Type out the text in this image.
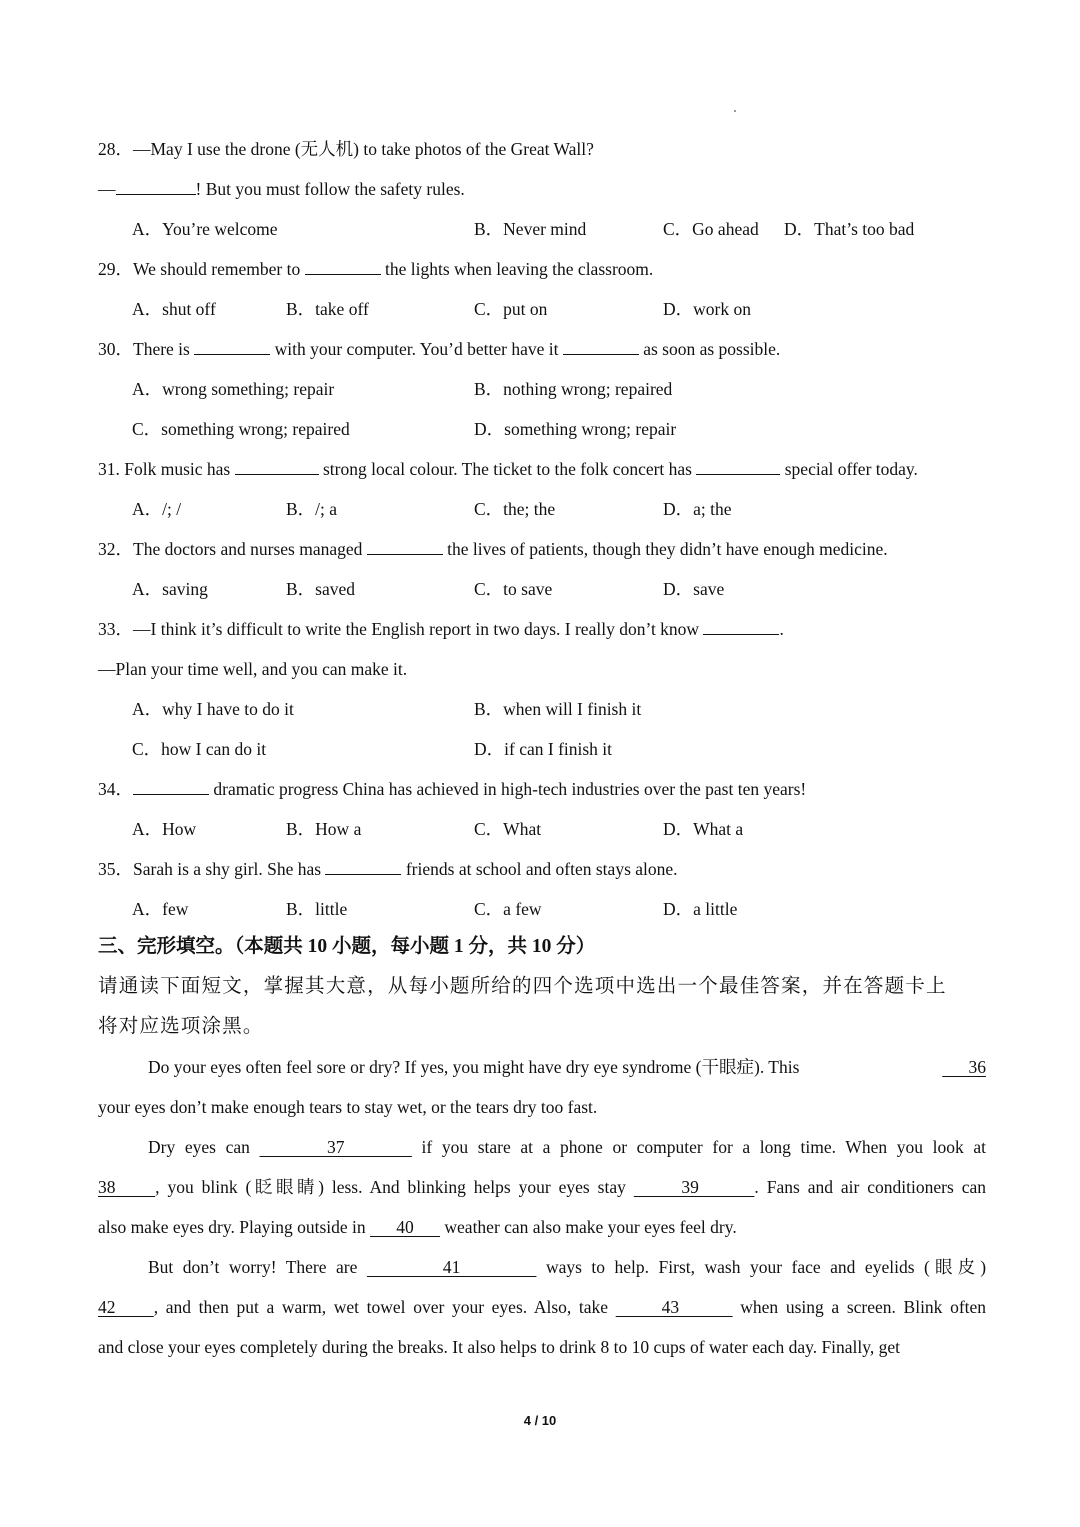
28．—May I use the drone (无人机) to take photos of the Great Wall?
—	! But you must follow the safety rules.
A．You’re welcome	B．Never mind	C．Go ahead D．That’s too bad
29．We should remember to	the lights when leaving the classroom.
A．shut off	B．take off	C．put on	D．work on
30．There is	with your computer. You’d better have it	as soon as possible.
A．wrong something; repair	B．nothing wrong; repaired
C．something wrong; repaired	D．something wrong; repair
31. Folk music has	strong local colour. The ticket to the folk concert has	special offer today.
A．/; /	B．/; a	C．the; the	D．a; the
32．The doctors and nurses managed	the lives of patients, though they didn’t have enough medicine.
A．saving	B．saved	C．to save	D．save
33．—I think it’s difficult to write the English report in two days. I really don’t know	.
—Plan your time well, and you can make it.
A．why I have to do it	B．when will I finish it
C．how I can do it	D．if can I finish it
34．	dramatic progress China has achieved in high-tech industries over the past ten years!
A．How	B．How a	C．What	D．What a
35．Sarah is a shy girl. She has	friends at school and often stays alone.
A．few	B．little	C．a few	D．a little
三、完形填空。（本题共 10 小题，每小题 1 分，共 10 分）
请通读下面短文，掌握其大意，从每小题所给的四个选项中选出一个最佳答案，并在答题卡上
将对应选项涂黑。
Do your eyes often feel sore or dry? If yes, you might have dry eye syndrome (干眼症). This	36
your eyes don’t make enough tears to stay wet, or the tears dry too fast.
Dry eyes can        37        if you stare at a phone or computer for a long time. When you look at
38     , you blink (眨眼睛) less. And blinking helps your eyes stay       39       . Fans and air conditioners can
also make eyes dry. Playing outside in       40       weather can also make your eyes feel dry.
But don’t worry! There are         41         ways to help. First, wash your face and eyelids (眼皮)
42     , and then put a warm, wet towel over your eyes. Also, take       43        when using a screen. Blink often
and close your eyes completely during the breaks. It also helps to drink 8 to 10 cups of water each day. Finally, get
4 / 10
